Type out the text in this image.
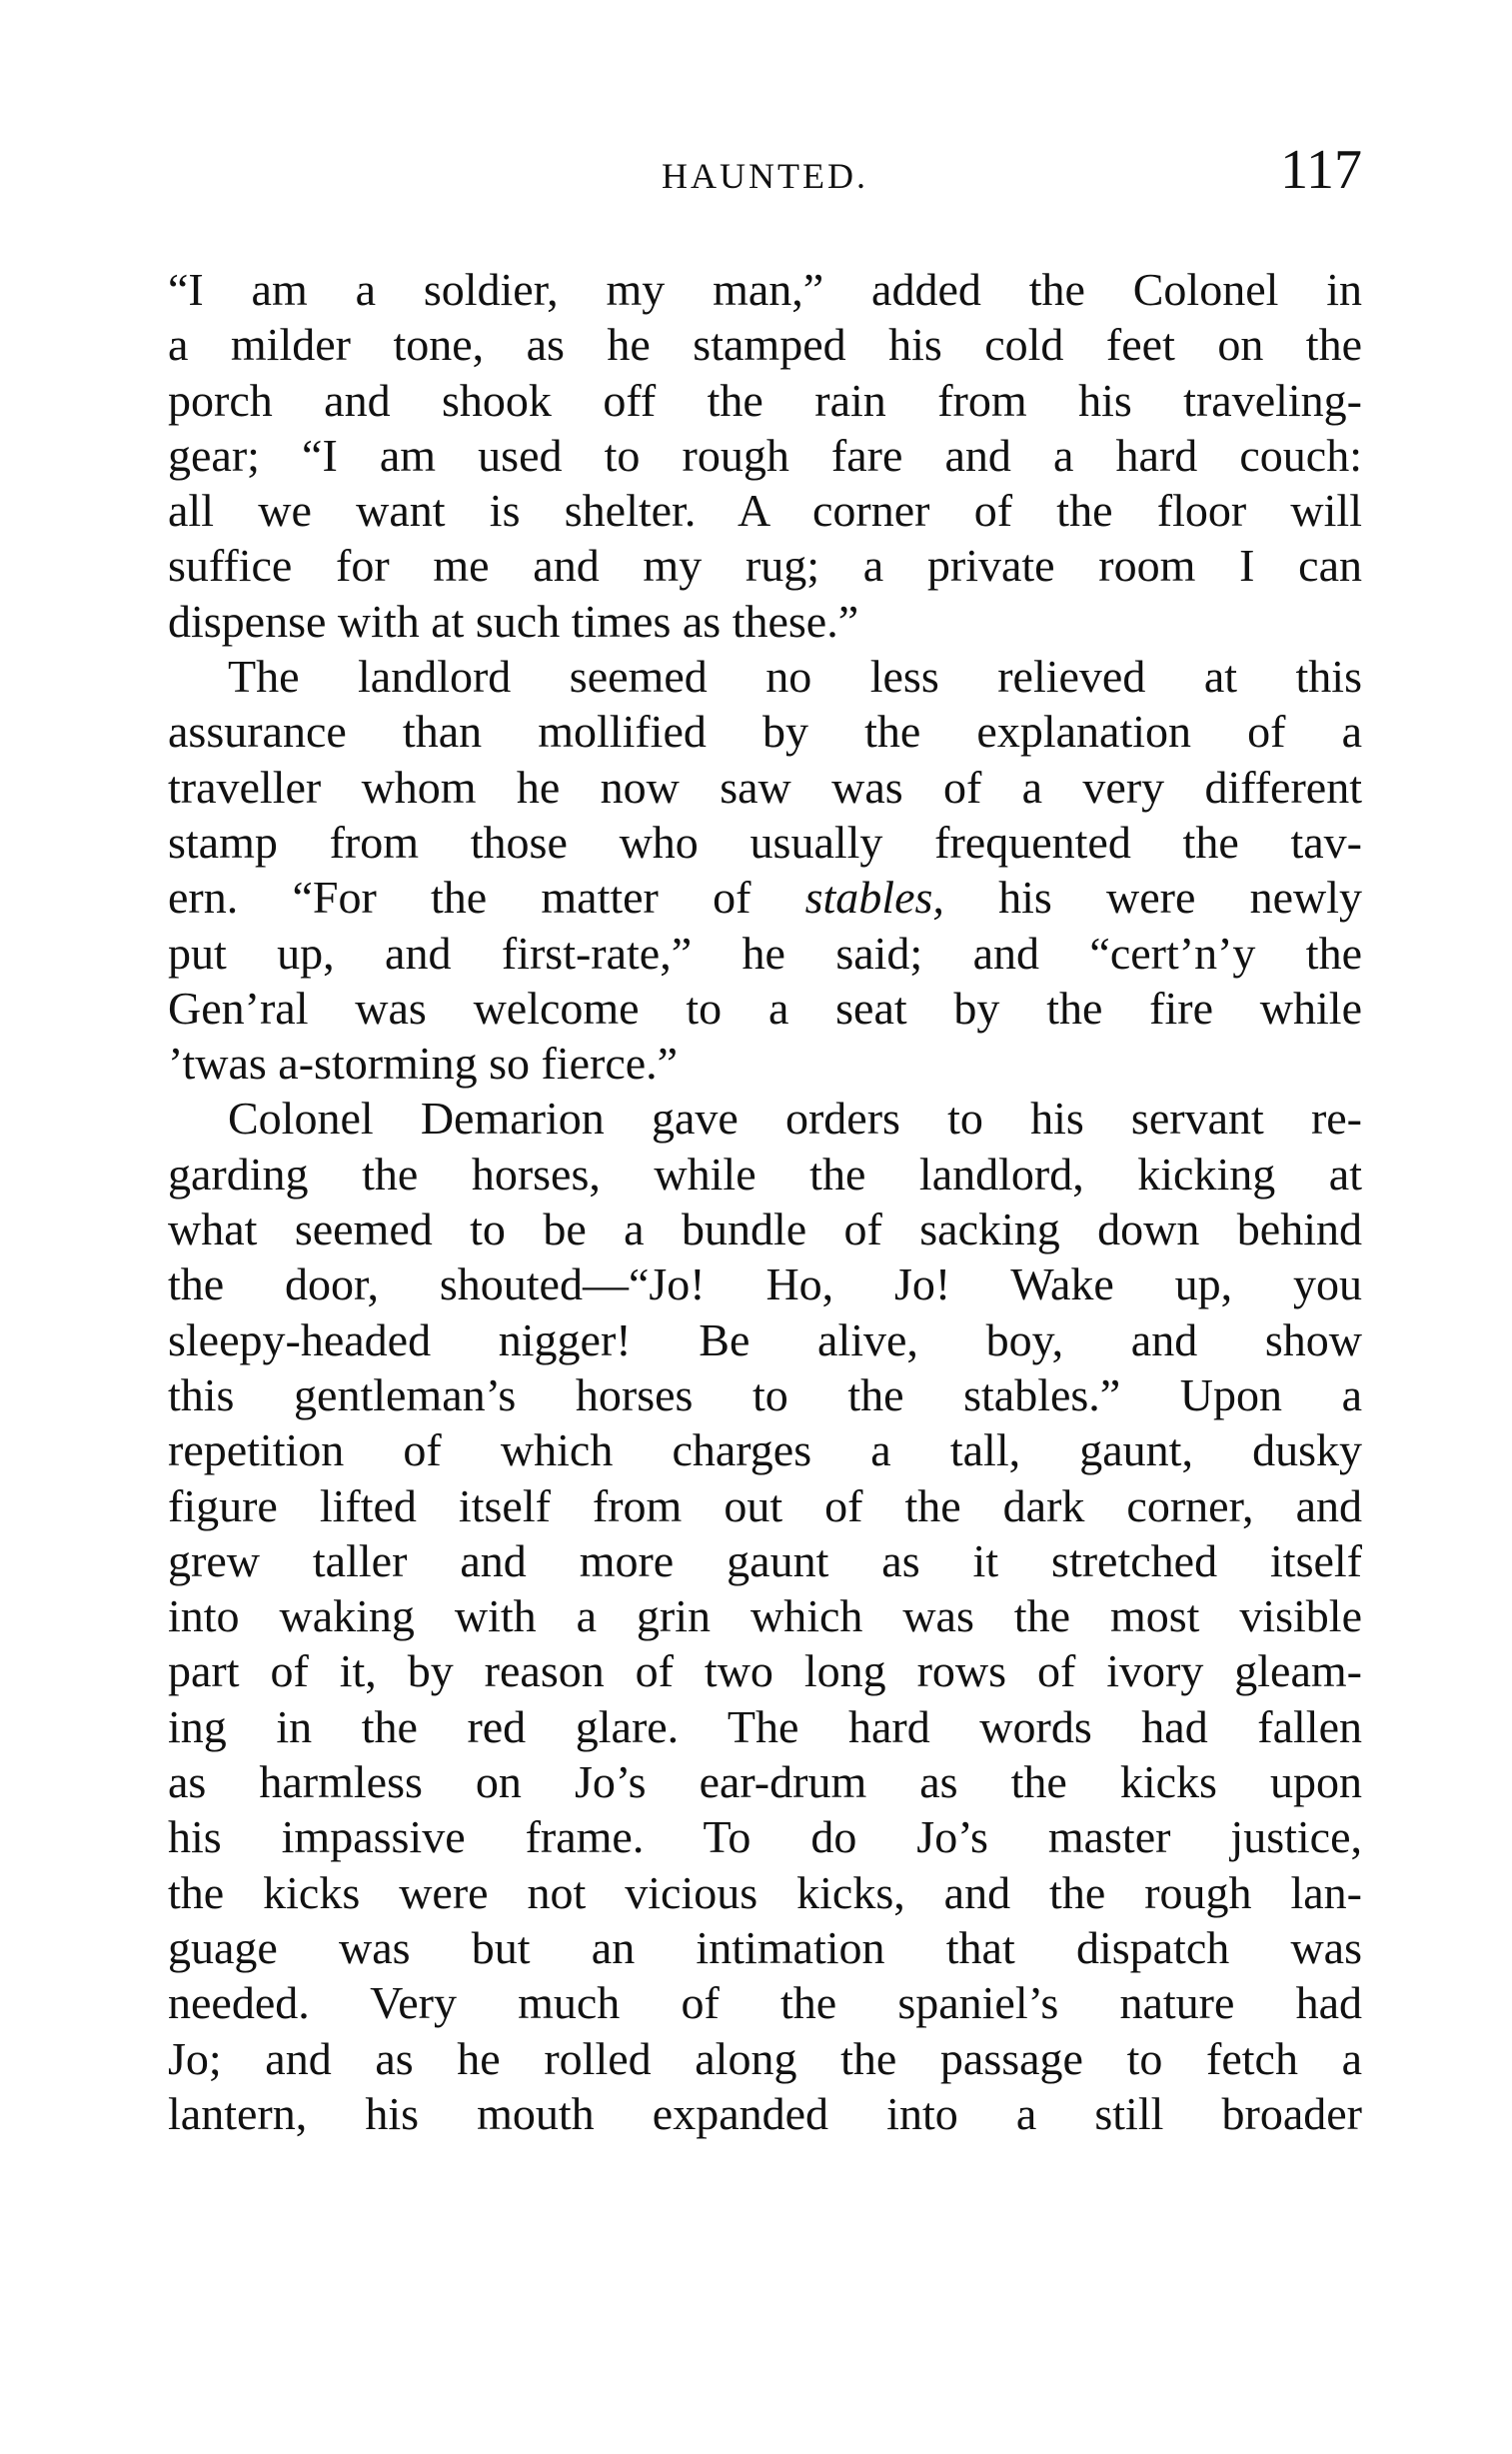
HAUNTED.	117
“I am a soldier, my man,” added the Colonel in
a milder tone, as he stamped his cold feet on the
porch and shook off the rain from his traveling-
gear; “I am used to rough fare and a hard couch:
all we want is shelter. A corner of the floor will
suffice for me and my rug; a private room I can
dispense with at such times as these.”
The landlord seemed no less relieved at this
assurance than mollified by the explanation of a
traveller whom he now saw was of a very different
stamp from those who usually frequented the tav-
ern. “For the matter of stables, his were newly
put up, and first-rate,” he said; and “cert’n’y the
Gen’ral was welcome to a seat by the fire while
’twas a-storming so fierce.”
Colonel Demarion gave orders to his servant re-
garding the horses, while the landlord, kicking at
what seemed to be a bundle of sacking down behind
the door, shouted—“Jo! Ho, Jo! Wake up, you
sleepy-headed nigger! Be alive, boy, and show
this gentleman’s horses to the stables.” Upon a
repetition of which charges a tall, gaunt, dusky
figure lifted itself from out of the dark corner, and
grew taller and more gaunt as it stretched itself
into waking with a grin which was the most visible
part of it, by reason of two long rows of ivory gleam-
ing in the red glare. The hard words had fallen
as harmless on Jo’s ear-drum as the kicks upon
his impassive frame. To do Jo’s master justice,
the kicks were not vicious kicks, and the rough lan-
guage was but an intimation that dispatch was
needed. Very much of the spaniel’s nature had
Jo; and as he rolled along the passage to fetch a
lantern, his mouth expanded into a still broader
